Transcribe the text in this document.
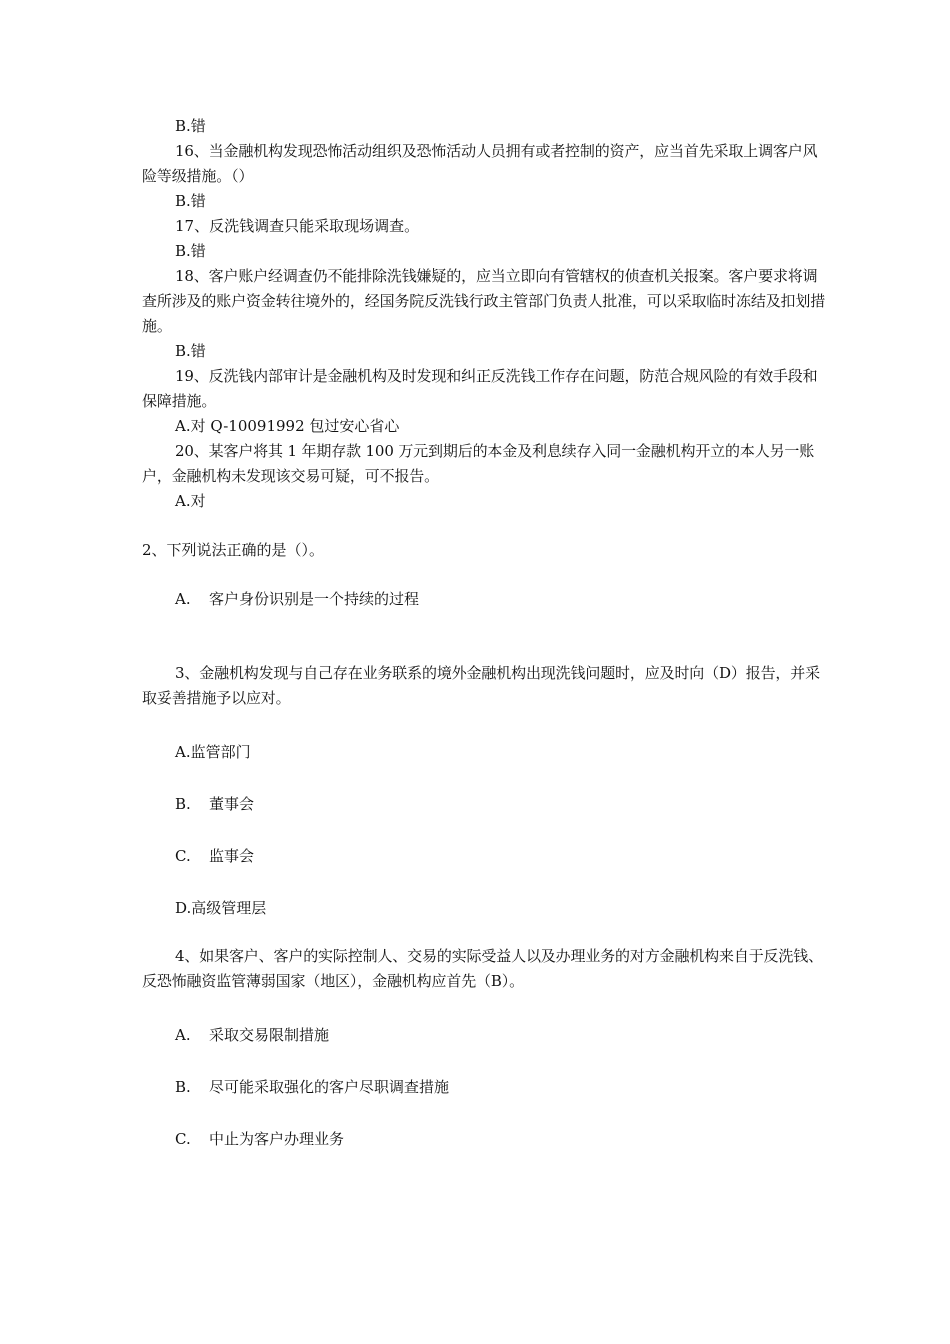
B.错

16、当金融机构发现恐怖活动组织及恐怖活动人员拥有或者控制的资产，应当首先采取上调客户风险等级措施。（）

B.错

17、反洗钱调查只能采取现场调查。

B.错

18、客户账户经调查仍不能排除洗钱嫌疑的，应当立即向有管辖权的侦查机关报案。客户要求将调查所涉及的账户资金转往境外的，经国务院反洗钱行政主管部门负责人批准，可以采取临时冻结及扣划措施。

B.错

19、反洗钱内部审计是金融机构及时发现和纠正反洗钱工作存在问题，防范合规风险的有效手段和保障措施。

A.对 Q-10091992 包过安心省心

20、某客户将其 1 年期存款 100 万元到期后的本金及利息续存入同一金融机构开立的本人另一账户，金融机构未发现该交易可疑，可不报告。

A.对

2、下列说法正确的是（）。

A. 客户身份识别是一个持续的过程

3、金融机构发现与自己存在业务联系的境外金融机构出现洗钱问题时，应及时向（D）报告，并采取妥善措施予以应对。

A.监管部门

B. 董事会

C. 监事会

D.高级管理层

4、如果客户、客户的实际控制人、交易的实际受益人以及办理业务的对方金融机构来自于反洗钱、反恐怖融资监管薄弱国家（地区），金融机构应首先（B）。

A. 采取交易限制措施

B. 尽可能采取强化的客户尽职调查措施

C. 中止为客户办理业务
